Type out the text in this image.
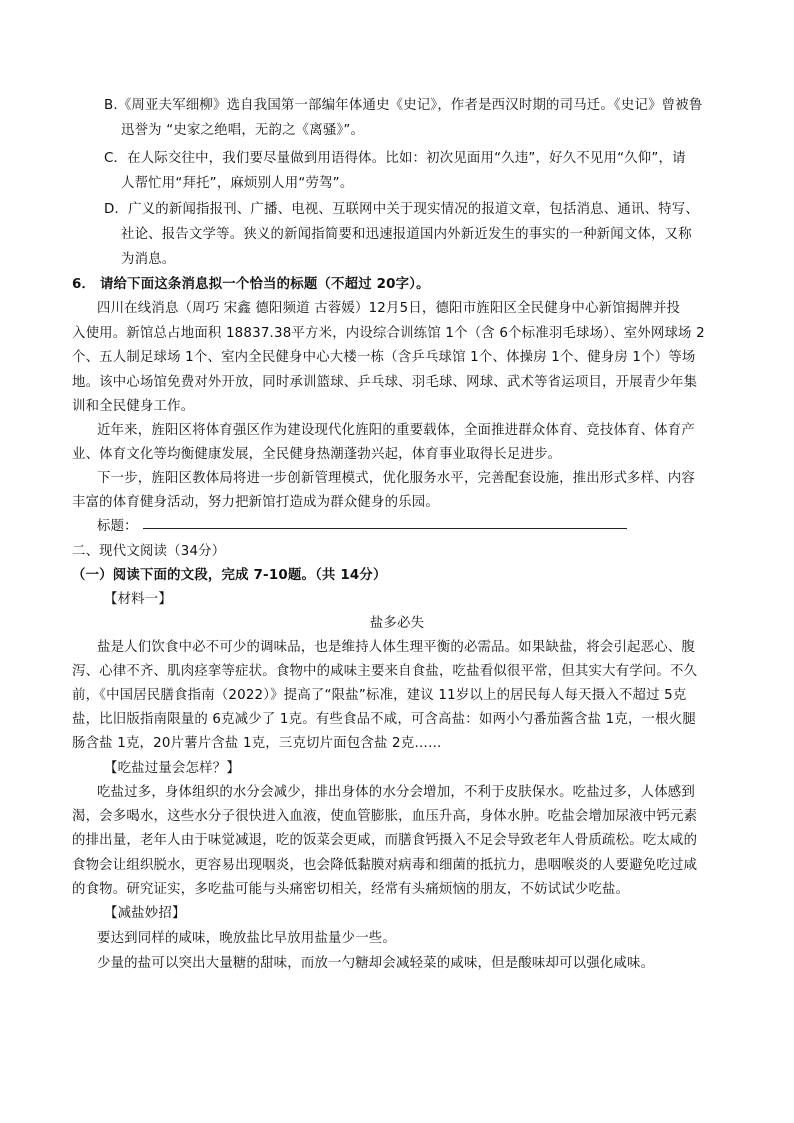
B.《周亚夫军细柳》选自我国第一部编年体通史《史记》，作者是西汉时期的司马迁。《史记》曾被鲁
迅誉为 “史家之绝唱，无韵之《离骚》”。
C．在人际交往中，我们要尽量做到用语得体。比如：初次见面用“久违”，好久不见用“久仰”，请
人帮忙用“拜托”，麻烦别人用“劳驾”。
D．广义的新闻指报刊、广播、电视、互联网中关于现实情况的报道文章，包括消息、通讯、特写、
社论、报告文学等。狭义的新闻指简要和迅速报道国内外新近发生的事实的一种新闻文体，又称
为消息。
6． 请给下面这条消息拟一个恰当的标题（不超过 20字）。
四川在线消息（周巧 宋鑫 德阳频道 古蓉媛）12月5日，德阳市旌阳区全民健身中心新馆揭牌并投
入使用。新馆总占地面积 18837.38平方米，内设综合训练馆 1个（含 6个标准羽毛球场）、室外网球场 2
个、五人制足球场 1个、室内全民健身中心大楼一栋（含乒乓球馆 1个、体操房 1个、健身房 1个）等场
地。该中心场馆免费对外开放，同时承训篮球、乒乓球、羽毛球、网球、武术等省运项目，开展青少年集
训和全民健身工作。
近年来，旌阳区将体育强区作为建设现代化旌阳的重要载体，全面推进群众体育、竞技体育、体育产
业、体育文化等均衡健康发展，全民健身热潮蓬勃兴起，体育事业取得长足进步。
下一步，旌阳区教体局将进一步创新管理模式，优化服务水平，完善配套设施，推出形式多样、内容
丰富的体育健身活动，努力把新馆打造成为群众健身的乐园。
标题：
二、现代文阅读（34分）
（一）阅读下面的文段，完成 7-10题。（共 14分）
【材料一】
盐多必失
盐是人们饮食中必不可少的调味品，也是维持人体生理平衡的必需品。如果缺盐，将会引起恶心、腹
泻、心律不齐、肌肉痉挛等症状。食物中的咸味主要来自食盐，吃盐看似很平常，但其实大有学问。不久
前，《中国居民膳食指南（2022）》提高了“限盐”标准，建议 11岁以上的居民每人每天摄入不超过 5克
盐，比旧版指南限量的 6克减少了 1克。有些食品不咸，可含高盐：如两小勺番茄酱含盐 1克，一根火腿
肠含盐 1克，20片薯片含盐 1克，三克切片面包含盐 2克……
【吃盐过量会怎样？】
吃盐过多，身体组织的水分会减少，排出身体的水分会增加，不利于皮肤保水。吃盐过多，人体感到
渴，会多喝水，这些水分子很快进入血液，使血管膨胀，血压升高，身体水肿。吃盐会增加尿液中钙元素
的排出量，老年人由于味觉减退，吃的饭菜会更咸，而膳食钙摄入不足会导致老年人骨质疏松。吃太咸的
食物会让组织脱水，更容易出现咽炎，也会降低黏膜对病毒和细菌的抵抗力，患咽喉炎的人要避免吃过咸
的食物。研究证实，多吃盐可能与头痛密切相关，经常有头痛烦恼的朋友，不妨试试少吃盐。
【减盐妙招】
要达到同样的咸味，晚放盐比早放用盐量少一些。
少量的盐可以突出大量糖的甜味，而放一勺糖却会减轻菜的咸味，但是酸味却可以强化咸味。
